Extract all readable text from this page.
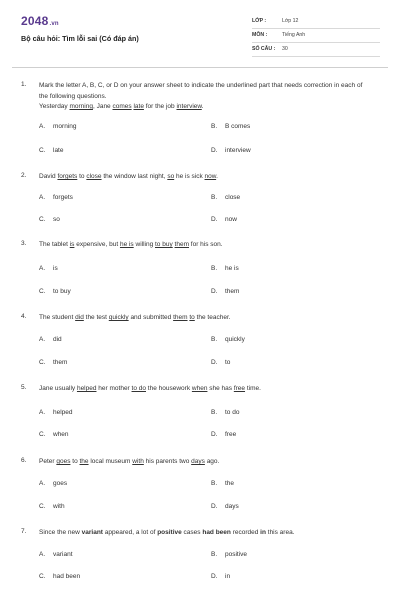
2048.vn
Bộ câu hỏi: Tìm lỗi sai (Có đáp án)
LỚP :	Lớp 12
MÔN :	Tiếng Anh
SỐ CÂU : 30
1. Mark the letter A, B, C, or D on your answer sheet to indicate the underlined part that needs correction in each of the following questions.
Yesterday morning, Jane comes late for the job interview.
A. morning	B. B comes
C. late	D. interview
2. David forgets to close the window last night, so he is sick now.
A. forgets	B. close
C. so	D. now
3. The tablet is expensive, but he is willing to buy them for his son.
A. is	B. he is
C. to buy	D. them
4. The student did the test quickly and submitted them to the teacher.
A. did	B. quickly
C. them	D. to
5. Jane usually helped her mother to do the housework when she has free time.
A. helped	B. to do
C. when	D. free
6. Peter goes to the local museum with his parents two days ago.
A. goes	B. the
C. with	D. days
7. Since the new variant appeared, a lot of positive cases had been recorded in this area.
A. variant	B. positive
C. had been	D. in
